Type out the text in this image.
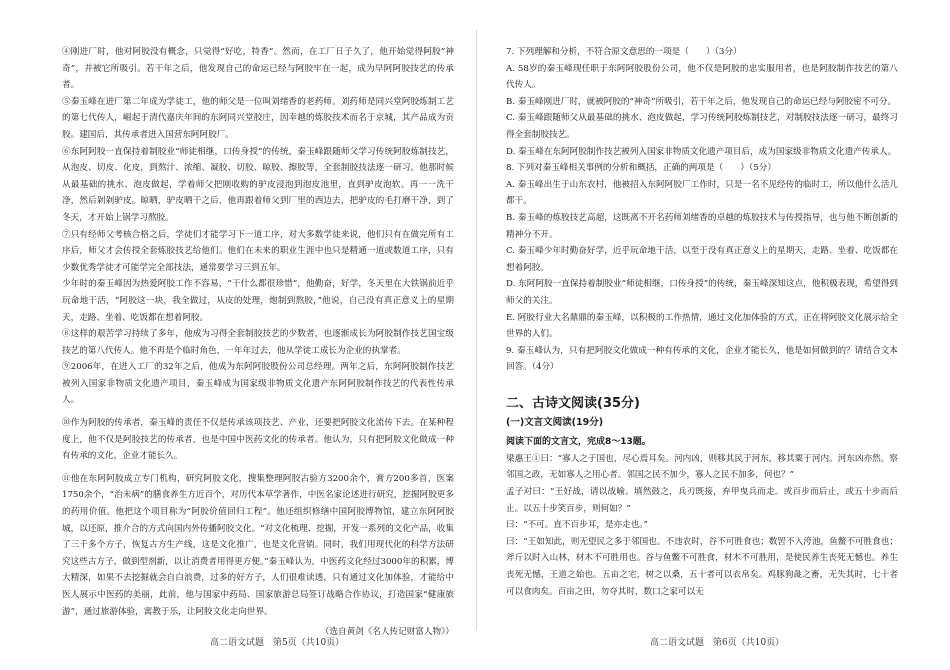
④刚进厂时，他对阿胶没有概念，只觉得“好吃，特香”。然而，在工厂日子久了，他开始觉得阿胶“神奇”，并被它所吸引。若干年之后，他发现自己的命运已经与阿胶牢在一起，成为早阿阿胶技艺的传承者。

⑤秦玉峰在进厂第二年成为学徒工，他的师父是一位叫刘绪香的老药师。刘药师是同兴堂阿胶炼制工艺的第七代传人，崛起于清代嘉庆年间的东阿同兴堂胶庄，因幸越的炼胶技术而名于京城，其产品成为贡胶。建国后，其传承者进入国营东阿阿胶厂。

⑥东阿阿胶一直保持着制胶业“师徒相继，口传身授”的传统，秦玉峰跟随师父学习传统阿胶炼制技艺，从泡皮、切皮、化皮，到熬汁、浓缩、凝胶、切胶、晾胶、擦胶等，全套制胶技法逐一研习。他那时候从最基础的挑水、泡皮做起，学着师父把刚收购的驴皮浸泡到泡皮池里，直到驴皮泡软。再一一洗干净，然后剁剁驴皮。晾晒，驴皮晒干之后，他再跟着师父到厂里的西边去，把驴皮的毛打磨干净，到了冬天，才开始上锅学习熬胶。

⑦只有经师父考核合格之后，学徒们才能学习下一道工序，对大多数学徒来说，他们只有在做完所有工序后，师父才会传授全套炼胶技艺给他们。他们在未来的职业生涯中也只是精通一道或数道工序，只有少数优秀学徒才可能学完全部技法，通常要学习三到五年。

少年时的秦玉峰因为热爱阿胶工作不容易，“干什么都很珍惜”，他勤奋，好学，冬天里在大铁锅前近乎玩命地干活，“阿胶这一块，我全做过，从皮的处理，炮制到熬胶，”他说，自己没有真正意义上的星期天，走路、坐着、吃饭都在想着阿胶。

⑧这样的艰苦学习持续了多年，他成为习得全套制胶技艺的少数者，也逐渐成长为阿胶制作技艺国宝级技艺的第八代传人。他不再是个临时角色，一年年过去，他从学徒工成长为企业的执掌者。

⑨2006年，在进入工厂的32年之后，他成为东阿阿胶股份公司总经理。两年之后，东阿阿胶制作技艺被列入国家非物质文化遗产项目，秦玉峰成为国家级非物质文化遗产东阿阿胶制作技艺的代表性传承人。

⑩作为阿胶的传承者，秦玉峰的责任不仅是传承该项技艺、产业，还要把阿胶文化流传下去。在某种程度上，他不仅是阿胶技艺的传承者，也是中国中医药文化的传承者。他认为，只有把阿胶文化做成一种有传承的文化，企业才能长久。

⑪他在东阿阿胶成立专门机构，研究阿胶文化，搜集整理阿胶古验方3200余个，膏方200多首，医案1750余个，“治未病”的膳食养生方近百个，对历代本草学著作，中医名家论述进行研究，挖掘阿胶更多的药用价值。他把这个项目称为“阿胶价值回归工程”。他还组织修缮中国阿胶博物馆，建立东阿阿胶城，以还原，推介合的方式向国内外传播阿胶文化。“对文化梳理、挖掘，开发一系列的文化产品，收集了三千多个方子，恢复古方生产线，这是文化推广，也是文化营销。同时，我们用现代化的科学方法研究这些古方子，做到型剂新，以让消费者用得更方便。”秦玉峰认为，中医药文化经过3000年的积累，博大精深，如果不去挖掘就会自白浪费，过多的好方子，人们很难读透，只有通过文化加体验，才能给中医人展示中医药的美丽，此前，他与国家中药局、国家旅游总局签订战略合作协议，打造国家“健康旅游”，通过旅游体验，寓教于乐，让阿胶文化走向世界。

（选自黄剑《名人传记财富人物》）

7. 下列理解和分析，不符合原文意思的一项是（　　）（3分）

A. 58岁的秦玉峰现任职于东阿阿胶股份公司，他不仅是阿胶的忠实服用者，也是阿胶制作技艺的第八代传人。

B. 秦玉峰刚进厂时，就被阿胶的“神奇”所吸引，若干年之后，他发现自己的命运已经与阿胶密不可分。

C. 秦玉峰跟随师父从最基础的挑水、泡皮做起，学习传统阿胶炼制技艺，对制胶技法逐一研习，最终习得全套制胶技艺。

D. 秦玉峰在东阿阿胶制作技艺被列入国家非物质文化遗产项目后，成为国家级非物质文化遗产传承人。

8. 下列对秦玉峰相关事例的分析和概括，正确的两项是（　　）（5分）

A. 秦玉峰出生于山东农村，他被招入东阿阿胶厂工作时，只是一名不见经传的临时工，所以他什么活儿都干。

B. 秦玉峰的炼胶技艺高超，这既离不开名药师刘绪香的卓越的炼胶技术与传授指导，也与他不断创新的精神分不开。

C. 秦玉峰少年时勤奋好学，近乎玩命地干活，以至于没有真正意义上的星期天，走路、坐着、吃饭都在想着阿胶。

D. 东阿阿胶一直保持着制胶业“师徒相继，口传身授”的传统，秦玉峰深知这点，他积极表现，希望得到师父的关注。

E. 阿胶行业大名鼎鼎的秦玉峰，以积极的工作热情，通过文化加体验的方式，正在将阿胶文化展示给全世界的人们。

9. 秦玉峰认为，只有把阿胶文化做成一种有传承的文化，企业才能长久，他是如何做到的？请结合文本回答。（4分）

二、古诗文阅读(35分)
(一)文言文阅读(19分)
阅读下面的文言文，完成8～13题。

梁惠王①曰：“寡人之于国也，尽心焉耳矣。河内凶，则移其民于河东，移其粟于河内。河东凶亦然。察邻国之政，无如寡人之用心者。邻国之民不加少，寡人之民不加多，何也？”

孟子对曰：“王好战，请以战喻。填然鼓之，兵刃既接，弃甲曳兵而走。或百步而后止，或五十步而后止。以五十步笑百步，则何如？”

曰：“不可。直不百步耳，是亦走也。”

曰：“王如知此，则无望民之多于邻国也。不违农时，谷不可胜食也；数罟不入洿池，鱼鳖不可胜食也；斧斤以时入山林，材木不可胜用也。谷与鱼鳖不可胜食，材木不可胜用，是使民养生丧死无憾也。养生丧死无憾，王道之始也。五亩之宅，树之以桑，五十者可以衣帛矣。鸡豚狗彘之畜，无失其时，七十者可以食肉矣。百亩之田，勿夺其时，数口之家可以无

高二语文试题　第5页（共10页）	高二语文试题　第6页（共10页）
